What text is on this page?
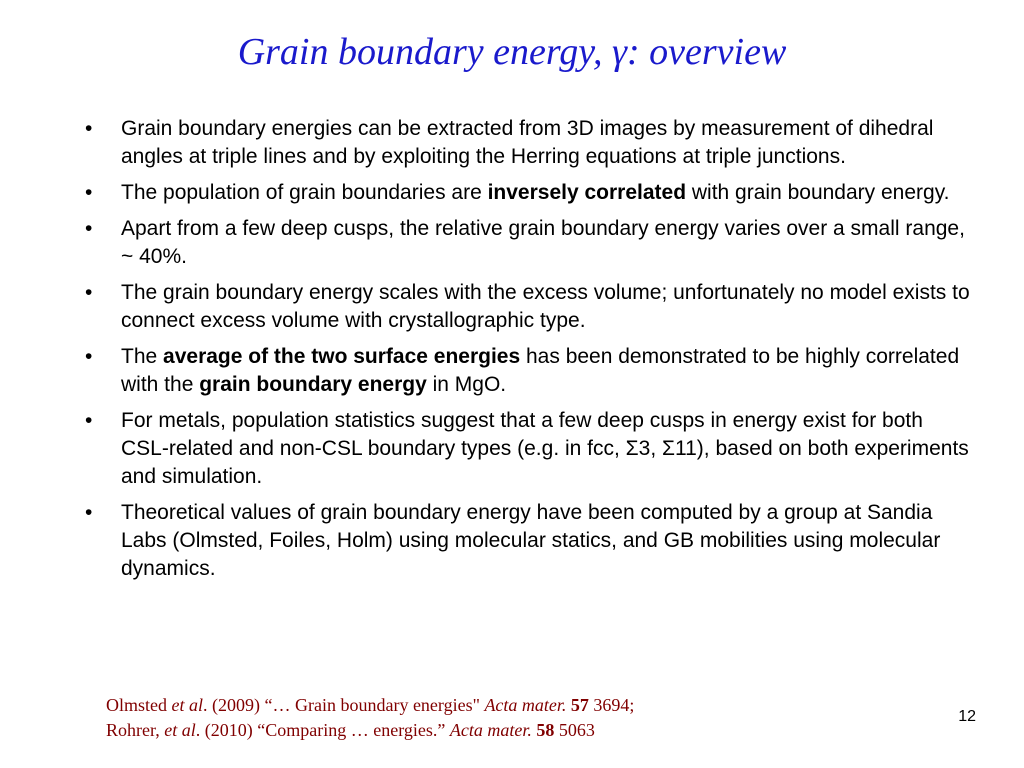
Grain boundary energy, γ: overview
• Grain boundary energies can be extracted from 3D images by measurement of dihedral angles at triple lines and by exploiting the Herring equations at triple junctions.
• The population of grain boundaries are inversely correlated with grain boundary energy.
• Apart from a few deep cusps, the relative grain boundary energy varies over a small range, ~ 40%.
• The grain boundary energy scales with the excess volume; unfortunately no model exists to connect excess volume with crystallographic type.
• The average of the two surface energies has been demonstrated to be highly correlated with the grain boundary energy in MgO.
• For metals, population statistics suggest that a few deep cusps in energy exist for both CSL-related and non-CSL boundary types (e.g. in fcc, Σ3, Σ11), based on both experiments and simulation.
• Theoretical values of grain boundary energy have been computed by a group at Sandia Labs (Olmsted, Foiles, Holm) using molecular statics, and GB mobilities using molecular dynamics.
Olmsted et al. (2009) “… Grain boundary energies" Acta mater. 57 3694;
Rohrer, et al. (2010) “Comparing … energies.” Acta mater. 58 5063
12
